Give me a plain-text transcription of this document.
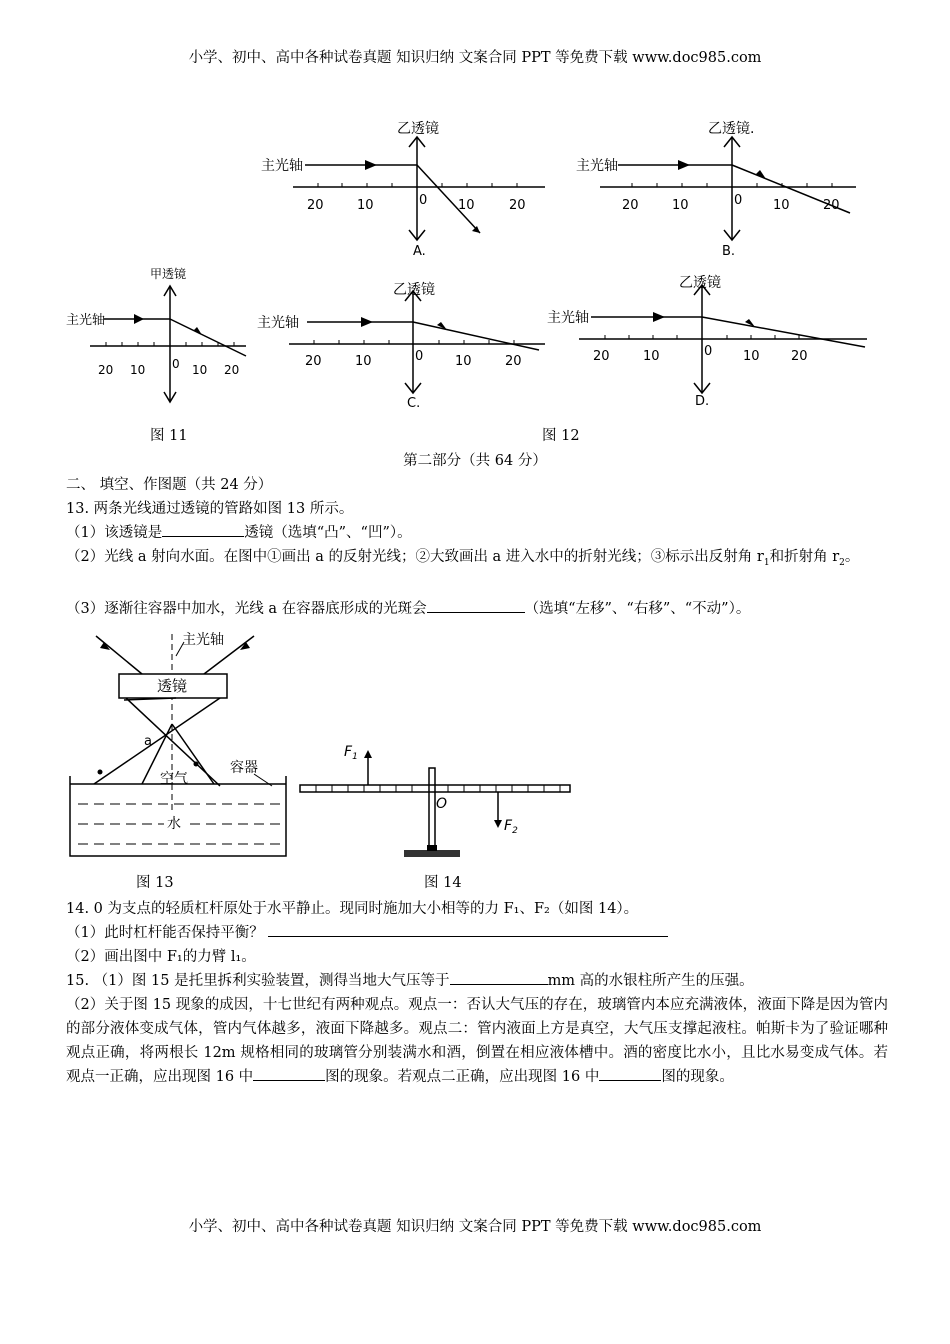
小学、初中、高中各种试卷真题 知识归纳 文案合同 PPT 等免费下载 www.doc985.com
乙透镜
主光轴
20	10	0 10	20
A.
乙透镜.
主光轴
20	10	0 10	20
B.
甲透镜
主光轴
20 10 0 10 20
乙透镜
主光轴
20	10	0 10	20
C.
乙透镜
主光轴
20	10	0 10 20
D.
图 11	图 12
第二部分（共 64 分）
二、 填空、作图题（共 24 分）
13. 两条光线通过透镜的管路如图 13 所示。
（1）该透镜是	透镜（选填“凸”、“凹”）。
（2）光线 a 射向水面。在图中①画出 a 的反射光线；②大致画出 a 进入水中的折射光线；③标示出反射角 $r_1$和折射角 $r_2$。
（3）逐渐往容器中加水，光线 a 在容器底形成的光斑会	（选填“左移”、“右移”、“不动”）。
主光轴
透镜
a
空气
容器
水
$F_1$
$F_2$
O
图 13	图 14
14. 0 为支点的轻质杠杆原处于水平静止。现同时施加大小相等的力 F₁、F₂（如图 14）。
（1）此时杠杆能否保持平衡？
（2）画出图中 F₁的力臂 l₁。
15. （1）图 15 是托里拆利实验装置，测得当地大气压等于	mm 高的水银柱所产生的压强。
（2）关于图 15 现象的成因，十七世纪有两种观点。观点一：否认大气压的存在，玻璃管内本应充满液体，液面下降是因为管内的部分液体变成气体，管内气体越多，液面下降越多。观点二：管内液面上方是真空，大气压支撑起液柱。帕斯卡为了验证哪种观点正确，将两根长 12m 规格相同的玻璃管分别装满水和酒，倒置在相应液体槽中。酒的密度比水小，且比水易变成气体。若观点一正确，应出现图 16 中	图的现象。若观点二正确，应出现图 16 中	图的现象。
小学、初中、高中各种试卷真题 知识归纳 文案合同 PPT 等免费下载 www.doc985.com
